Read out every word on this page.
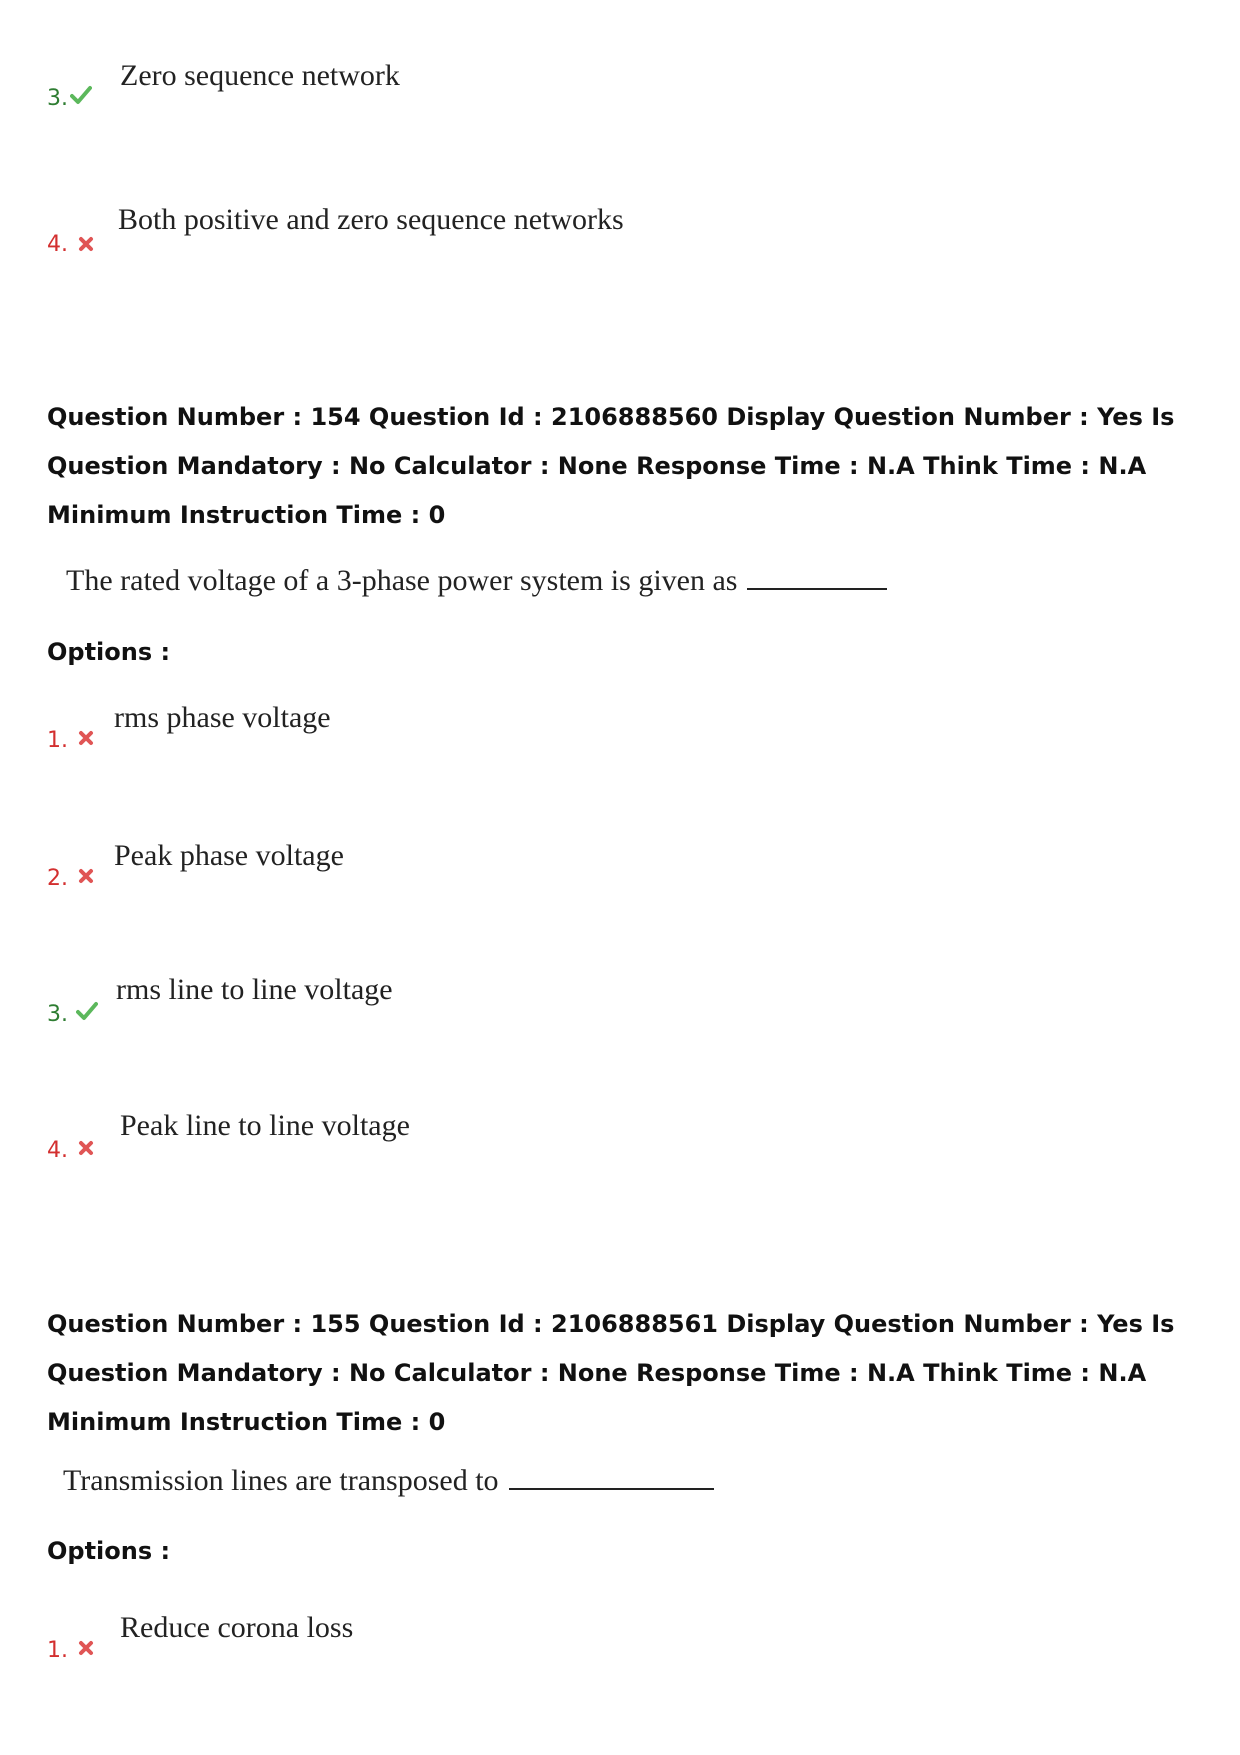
3.
Zero sequence network
4.
Both positive and zero sequence networks
Question Number : 154 Question Id : 2106888560 Display Question Number : Yes Is Question Mandatory : No Calculator : None Response Time : N.A Think Time : N.A Minimum Instruction Time : 0
The rated voltage of a 3-phase power system is given as
Options :
1.
rms phase voltage
2.
Peak phase voltage
3.
rms line to line voltage
4.
Peak line to line voltage
Question Number : 155 Question Id : 2106888561 Display Question Number : Yes Is Question Mandatory : No Calculator : None Response Time : N.A Think Time : N.A Minimum Instruction Time : 0
Transmission lines are transposed to
Options :
1.
Reduce corona loss
